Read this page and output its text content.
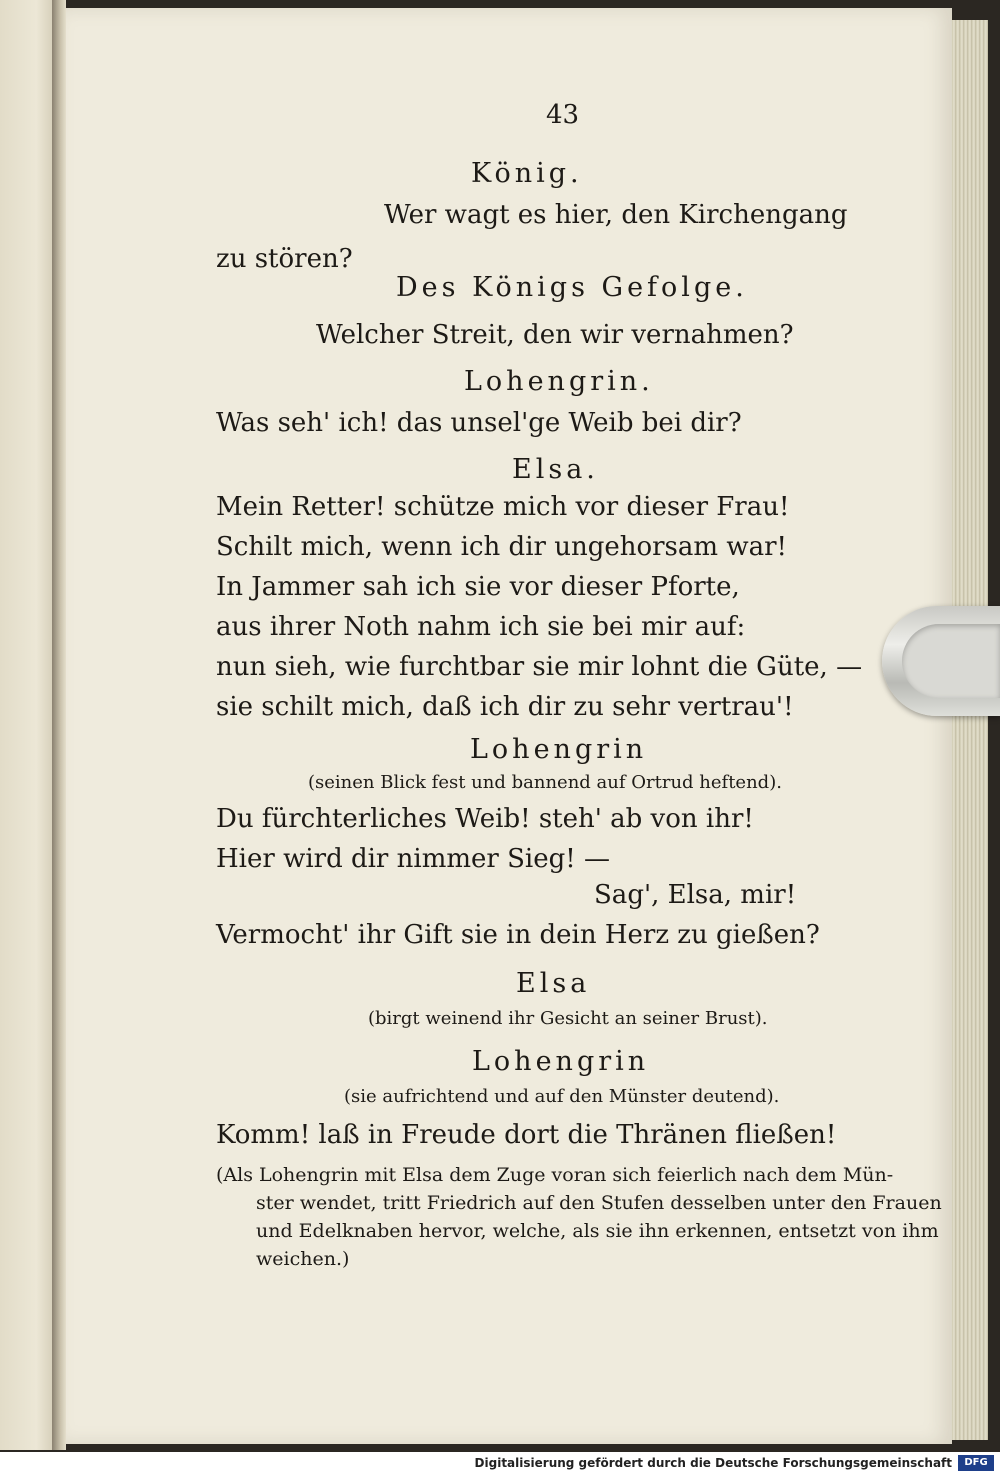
43
König.
Wer wagt es hier, den Kirchengang
zu stören?
Des Königs Gefolge.
Welcher Streit, den wir vernahmen?
Lohengrin.
Was seh' ich! das unsel'ge Weib bei dir?
Elsa.
Mein Retter! schütze mich vor dieser Frau!
Schilt mich, wenn ich dir ungehorsam war!
In Jammer sah ich sie vor dieser Pforte,
aus ihrer Noth nahm ich sie bei mir auf:
nun sieh, wie furchtbar sie mir lohnt die Güte, —
sie schilt mich, daß ich dir zu sehr vertrau'!
Lohengrin
(seinen Blick fest und bannend auf Ortrud heftend).
Du fürchterliches Weib! steh' ab von ihr!
Hier wird dir nimmer Sieg! —
Sag', Elsa, mir!
Vermocht' ihr Gift sie in dein Herz zu gießen?
Elsa
(birgt weinend ihr Gesicht an seiner Brust).
Lohengrin
(sie aufrichtend und auf den Münster deutend).
Komm! laß in Freude dort die Thränen fließen!
(Als Lohengrin mit Elsa dem Zuge voran sich feierlich nach dem Mün-
ster wendet, tritt Friedrich auf den Stufen desselben unter den Frauen
und Edelknaben hervor, welche, als sie ihn erkennen, entsetzt von ihm
weichen.)
Digitalisierung gefördert durch die Deutsche Forschungsgemeinschaft	DFG
